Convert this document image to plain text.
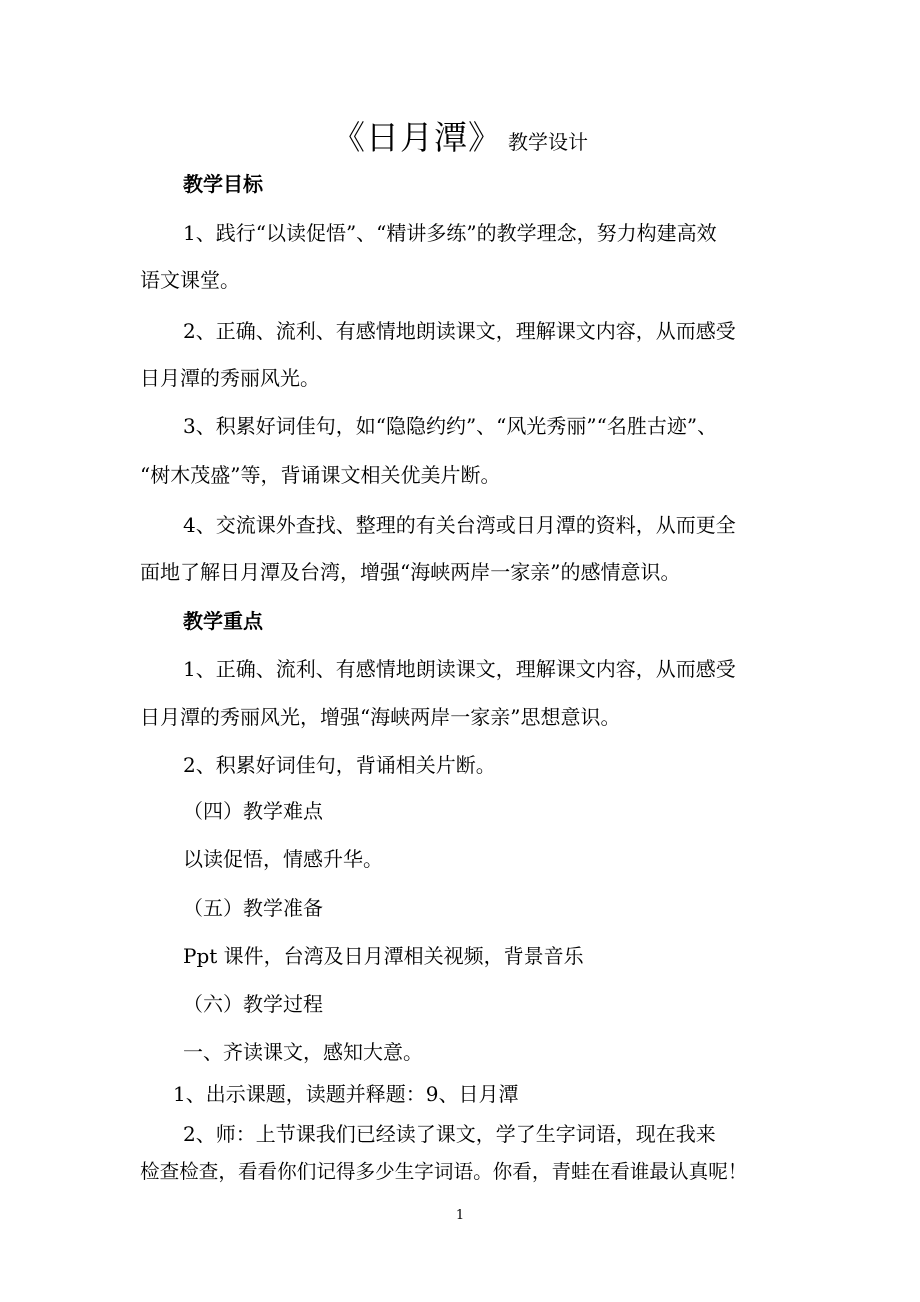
《日月潭》 教学设计
教学目标
1、践行“以读促悟”、“精讲多练”的教学理念，努力构建高效
语文课堂。
2、正确、流利、有感情地朗读课文，理解课文内容，从而感受
日月潭的秀丽风光。
3、积累好词佳句，如“隐隐约约”、“风光秀丽”“名胜古迹”、
“树木茂盛”等，背诵课文相关优美片断。
4、交流课外查找、整理的有关台湾或日月潭的资料，从而更全
面地了解日月潭及台湾，增强“海峡两岸一家亲”的感情意识。
教学重点
1、正确、流利、有感情地朗读课文，理解课文内容，从而感受
日月潭的秀丽风光，增强“海峡两岸一家亲”思想意识。
2、积累好词佳句，背诵相关片断。
（四）教学难点
以读促悟，情感升华。
（五）教学准备
Ppt 课件，台湾及日月潭相关视频，背景音乐
（六）教学过程
一、齐读课文，感知大意。
1、出示课题，读题并释题：9、日月潭
2、师：上节课我们已经读了课文，学了生字词语，现在我来
检查检查，看看你们记得多少生字词语。你看，青蛙在看谁最认真呢！
1
